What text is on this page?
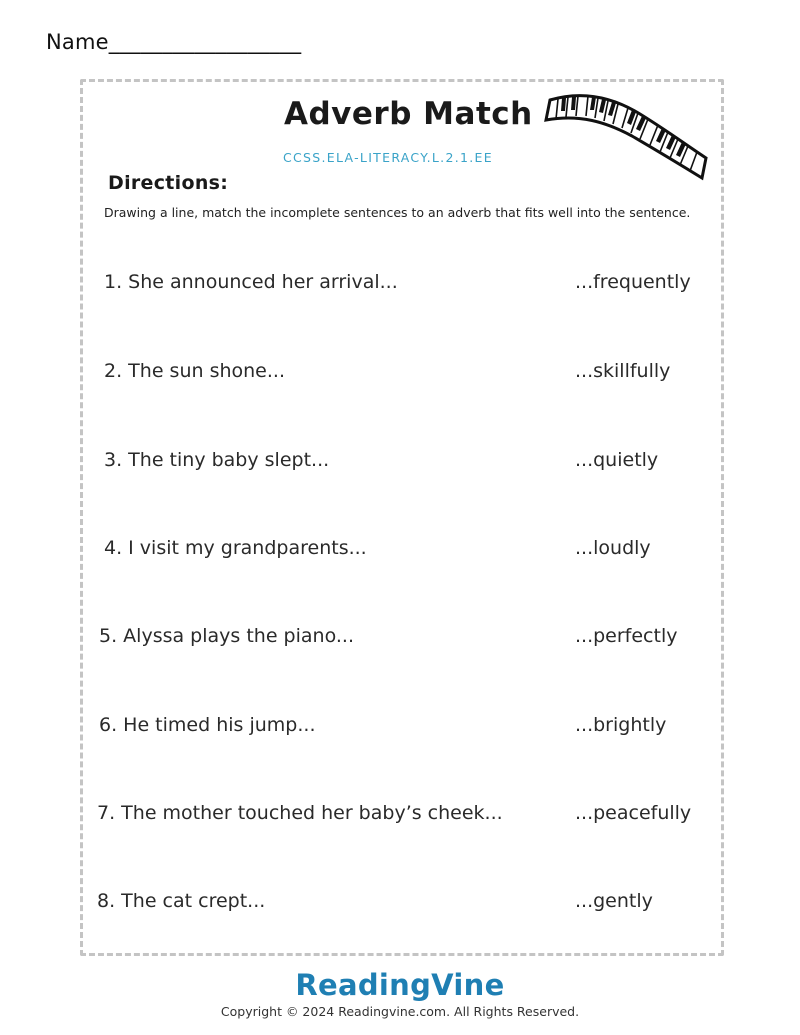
Name__________________
Adverb Match
CCSS.ELA-LITERACY.L.2.1.EE
Directions:
Drawing a line, match the incomplete sentences to an adverb that fits well into the sentence.
1. She announced her arrival...
2. The sun shone...
3. The tiny baby slept...
4. I visit my grandparents...
5. Alyssa plays the piano...
6. He timed his jump...
7. The mother touched her baby’s cheek...
8. The cat crept...
...frequently
...skillfully
...quietly
...loudly
...perfectly
...brightly
...peacefully
...gently
ReadingVine
Copyright © 2024 Readingvine.com. All Rights Reserved.
